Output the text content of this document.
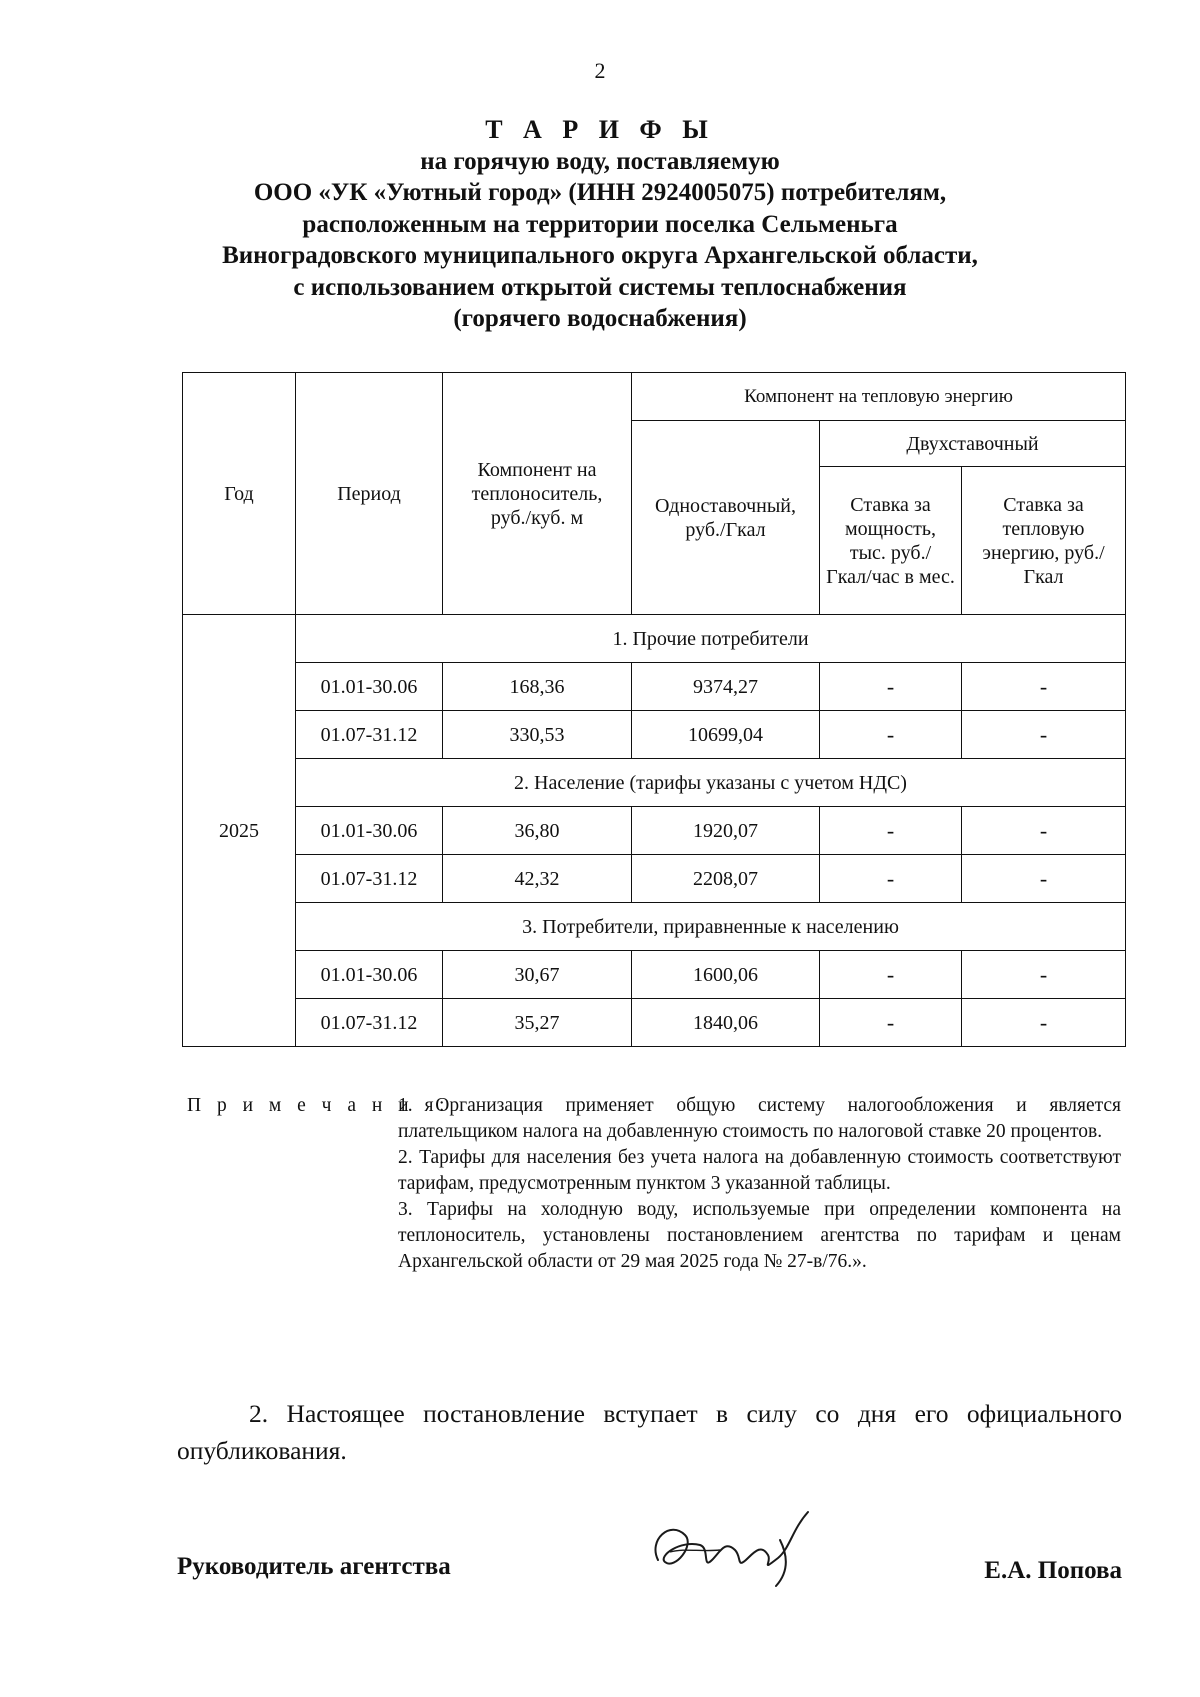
2
Т А Р И Ф Ы
на горячую воду, поставляемую
ООО «УК «Уютный город» (ИНН 2924005075) потребителям,
расположенным на территории поселка Сельменьга
Виноградовского муниципального округа Архангельской области,
с использованием открытой системы теплоснабжения
(горячего водоснабжения)
Год	Период	Компонент на теплоноситель, руб./куб. м	Компонент на тепловую энергию		
			Одноставочный, руб./Гкал	Двухставочный	
				Ставка за мощность, тыс. руб./ Гкал/час в мес.	Ставка за тепловую энергию, руб./Гкал
2025	1. Прочие потребители				
	01.01-30.06	168,36	9374,27	-	-
	01.07-31.12	330,53	10699,04	-	-
	2. Население (тарифы указаны с учетом НДС)				
	01.01-30.06	36,80	1920,07	-	-
	01.07-31.12	42,32	2208,07	-	-
	3. Потребители, приравненные к населению				
	01.01-30.06	30,67	1600,06	-	-
	01.07-31.12	35,27	1840,06	-	-
П р и м е ч а н и я:
1. Организация применяет общую систему налогообложения и является плательщиком налога на добавленную стоимость по налоговой ставке 20 процентов.
2. Тарифы для населения без учета налога на добавленную стоимость соответствуют тарифам, предусмотренным пунктом 3 указанной таблицы.
3. Тарифы на холодную воду, используемые при определении компонента на теплоноситель, установлены постановлением агентства по тарифам и ценам Архангельской области от 29 мая 2025 года № 27-в/76.».
2. Настоящее постановление вступает в силу со дня его официального опубликования.
Руководитель агентства	Е.А. Попова
